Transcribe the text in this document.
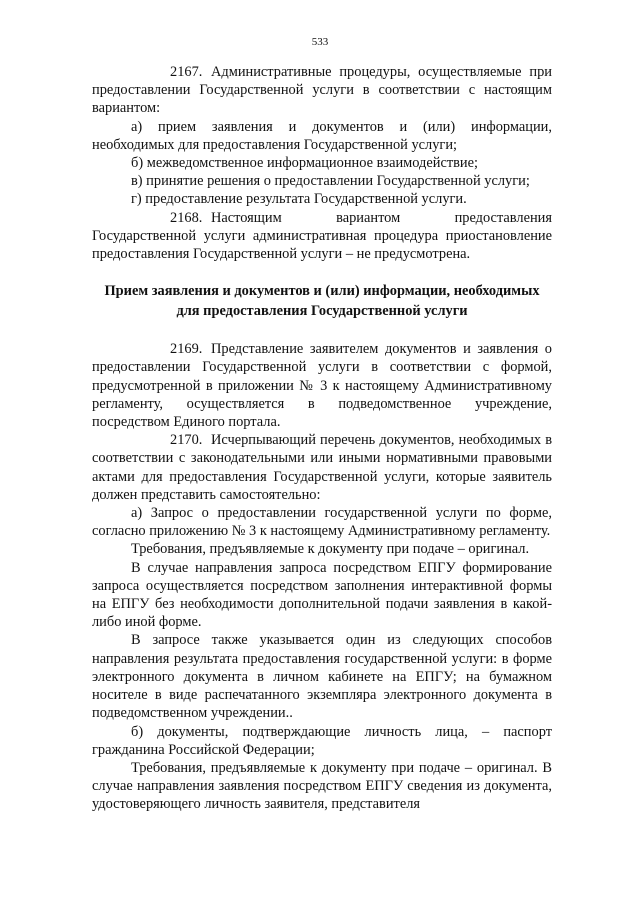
533

2167. Административные процедуры, осуществляемые при предоставлении Государственной услуги в соответствии с настоящим вариантом:

а) прием заявления и документов и (или) информации, необходимых для предоставления Государственной услуги;

б) межведомственное информационное взаимодействие;

в) принятие решения о предоставлении Государственной услуги;

г) предоставление результата Государственной услуги.

2168. Настоящим вариантом предоставления Государственной услуги административная процедура приостановление предоставления Государственной услуги – не предусмотрена.

Прием заявления и документов и (или) информации, необходимых для предоставления Государственной услуги

2169. Представление заявителем документов и заявления о предоставлении Государственной услуги в соответствии с формой, предусмотренной в приложении № 3 к настоящему Административному регламенту, осуществляется в подведомственное учреждение, посредством Единого портала.

2170. Исчерпывающий перечень документов, необходимых в соответствии с законодательными или иными нормативными правовыми актами для предоставления Государственной услуги, которые заявитель должен представить самостоятельно:

а) Запрос о предоставлении государственной услуги по форме, согласно приложению № 3 к настоящему Административному регламенту.

Требования, предъявляемые к документу при подаче – оригинал.

В случае направления запроса посредством ЕПГУ формирование запроса осуществляется посредством заполнения интерактивной формы на ЕПГУ без необходимости дополнительной подачи заявления в какой-либо иной форме.

В запросе также указывается один из следующих способов направления результата предоставления государственной услуги: в форме электронного документа в личном кабинете на ЕПГУ; на бумажном носителе в виде распечатанного экземпляра электронного документа в подведомственном учреждении..

б) документы, подтверждающие личность лица, – паспорт гражданина Российской Федерации;

Требования, предъявляемые к документу при подаче – оригинал. В случае направления заявления посредством ЕПГУ сведения из документа, удостоверяющего личность заявителя, представителя
